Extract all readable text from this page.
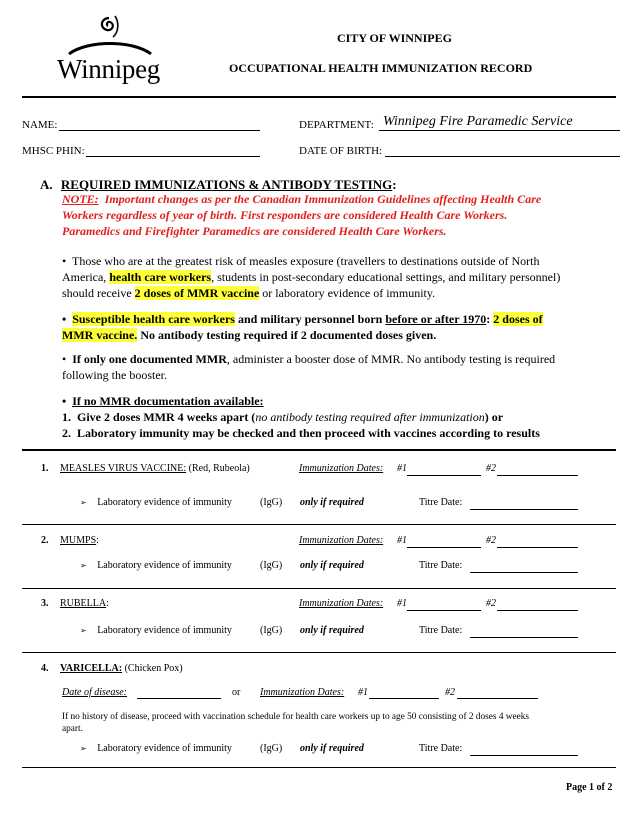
Winnipeg
CITY OF WINNIPEG
OCCUPATIONAL HEALTH IMMUNIZATION RECORD
NAME:	DEPARTMENT: Winnipeg Fire Paramedic Service
MHSC PHIN:	DATE OF BIRTH:
A. REQUIRED IMMUNIZATIONS & ANTIBODY TESTING:
NOTE: Important changes as per the Canadian Immunization Guidelines affecting Health Care
Workers regardless of year of birth. First responders are considered Health Care Workers.
Paramedics and Firefighter Paramedics are considered Health Care Workers.
•  Those who are at the greatest risk of measles exposure (travellers to destinations outside of North
America, health care workers, students in post-secondary educational settings, and military personnel)
should receive 2 doses of MMR vaccine or laboratory evidence of immunity.
•  Susceptible health care workers and military personnel born before or after 1970: 2 doses of
MMR vaccine. No antibody testing required if 2 documented doses given.
•  If only one documented MMR, administer a booster dose of MMR. No antibody testing is required
following the booster.
•  If no MMR documentation available:
1. Give 2 doses MMR 4 weeks apart (no antibody testing required after immunization) or
2. Laboratory immunity may be checked and then proceed with vaccines according to results
1. MEASLES VIRUS VACCINE: (Red, Rubeola)	Immunization Dates: #1	#2
➢ Laboratory evidence of immunity	(IgG) only if required	Titre Date:
2. MUMPS:	Immunization Dates: #1	#2
➢ Laboratory evidence of immunity	(IgG) only if required	Titre Date:
3. RUBELLA:	Immunization Dates: #1	#2
➢ Laboratory evidence of immunity	(IgG) only if required	Titre Date:
4. VARICELLA: (Chicken Pox)
Date of disease:	or Immunization Dates: #1	#2
If no history of disease, proceed with vaccination schedule for health care workers up to age 50 consisting of 2 doses 4 weeks
apart.
➢ Laboratory evidence of immunity	(IgG) only if required	Titre Date:
Page 1 of 2
